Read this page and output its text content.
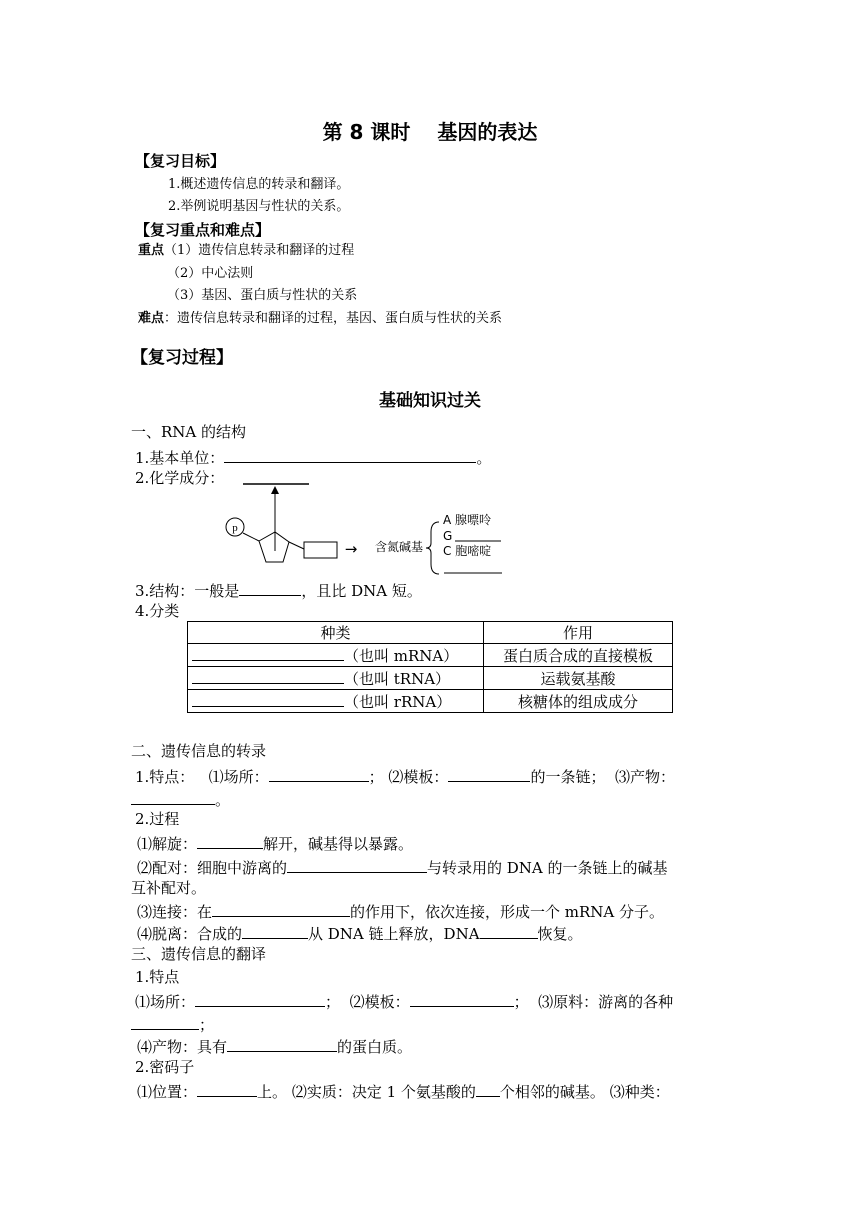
第 8 课时　 基因的表达
【复习目标】
1.概述遗传信息的转录和翻译。
2.举例说明基因与性状的关系。
【复习重点和难点】
重点（1）遗传信息转录和翻译的过程
（2）中心法则
（3）基因、蛋白质与性状的关系
难点：遗传信息转录和翻译的过程，基因、蛋白质与性状的关系
【复习过程】
基础知识过关
一、RNA 的结构
1.基本单位：	。
2.化学成分：
p
→ 含氮碱基
A 腺嘌呤
G
C 胞嘧啶
3.结构：一般是	，且比 DNA 短。
4.分类
种类	作用
（也叫 mRNA）	蛋白质合成的直接模板
（也叫 tRNA）	运载氨基酸
（也叫 rRNA）	核糖体的组成成分
二、遗传信息的转录
1.特点： ⑴场所：	； ⑵模板：	的一条链； ⑶产物：
。
2.过程
⑴解旋：	解开，碱基得以暴露。
⑵配对：细胞中游离的	与转录用的 DNA 的一条链上的碱基
互补配对。
⑶连接：在	的作用下，依次连接，形成一个 mRNA 分子。
⑷脱离：合成的	从 DNA 链上释放，DNA	恢复。
三、遗传信息的翻译
1.特点
⑴场所：	；  ⑵模板：	；  ⑶原料：游离的各种
；
⑷产物：具有	的蛋白质。
2.密码子
⑴位置：	上。 ⑵实质：决定 1 个氨基酸的 个相邻的碱基。 ⑶种类：
